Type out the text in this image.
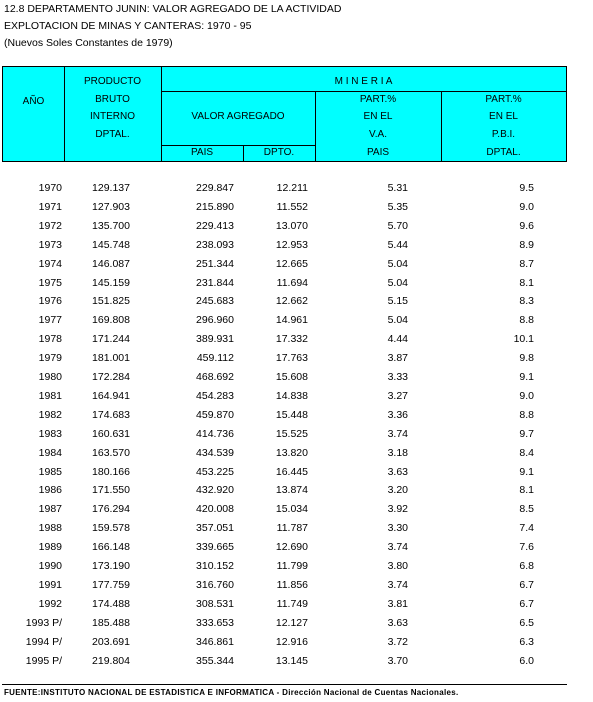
12.8 DEPARTAMENTO JUNIN: VALOR AGREGADO DE LA ACTIVIDAD
EXPLOTACION DE MINAS Y CANTERAS: 1970 - 95
(Nuevos Soles Constantes de 1979)
AÑO
PRODUCTO
BRUTO
INTERNO
DPTAL.
M I N E R I A
VALOR AGREGADO
PAIS	DPTO.
PART.%
EN EL
V.A.
PAIS
PART.%
EN EL
P.B.I.
DPTAL.
1970	129.137	229.847	12.211	5.31	9.5
1971	127.903	215.890	11.552	5.35	9.0
1972	135.700	229.413	13.070	5.70	9.6
1973	145.748	238.093	12.953	5.44	8.9
1974	146.087	251.344	12.665	5.04	8.7
1975	145.159	231.844	11.694	5.04	8.1
1976	151.825	245.683	12.662	5.15	8.3
1977	169.808	296.960	14.961	5.04	8.8
1978	171.244	389.931	17.332	4.44	10.1
1979	181.001	459.112	17.763	3.87	9.8
1980	172.284	468.692	15.608	3.33	9.1
1981	164.941	454.283	14.838	3.27	9.0
1982	174.683	459.870	15.448	3.36	8.8
1983	160.631	414.736	15.525	3.74	9.7
1984	163.570	434.539	13.820	3.18	8.4
1985	180.166	453.225	16.445	3.63	9.1
1986	171.550	432.920	13.874	3.20	8.1
1987	176.294	420.008	15.034	3.92	8.5
1988	159.578	357.051	11.787	3.30	7.4
1989	166.148	339.665	12.690	3.74	7.6
1990	173.190	310.152	11.799	3.80	6.8
1991	177.759	316.760	11.856	3.74	6.7
1992	174.488	308.531	11.749	3.81	6.7
1993 P/	185.488	333.653	12.127	3.63	6.5
1994 P/	203.691	346.861	12.916	3.72	6.3
1995 P/	219.804	355.344	13.145	3.70	6.0
FUENTE:INSTITUTO NACIONAL DE ESTADISTICA E INFORMATICA - Dirección Nacional de Cuentas Nacionales.
